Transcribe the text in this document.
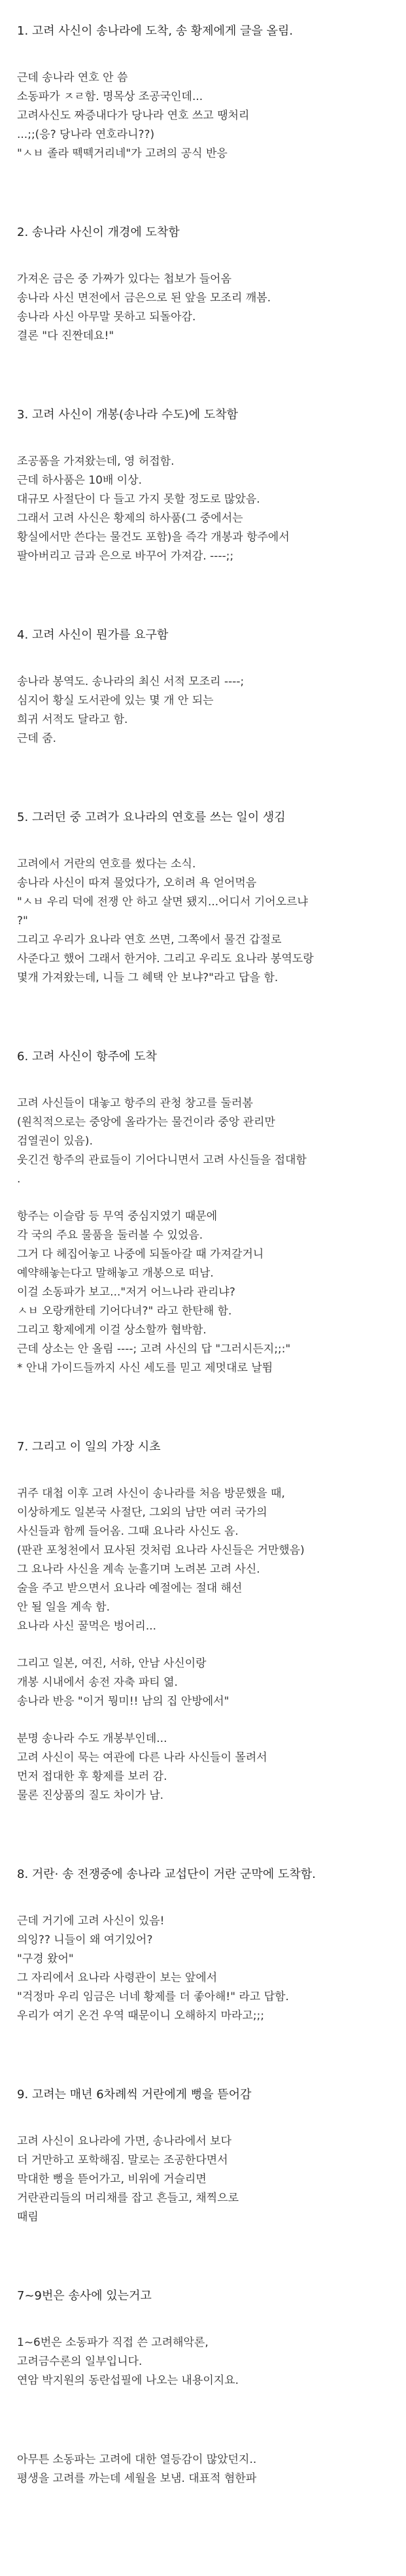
1. 고려 사신이 송나라에 도착, 송 황제에게 글을 올림.
근데 송나라 연호 안 씀
소동파가 ㅈㄹ함. 명목상 조공국인데...
고려사신도 짜증내다가 당나라 연호 쓰고 땡처리
...;;(응? 당나라 연호라니??)
"ㅅㅂ 졸라 떽떽거리네"가 고려의 공식 반응
2. 송나라 사신이 개경에 도착함
가져온 금은 중 가짜가 있다는 첩보가 들어옴
송나라 사신 면전에서 금은으로 된 앞을 모조리 깨봄.
송나라 사신 아무말 못하고 되돌아감.
결론 "다 진짠데요!"
3. 고려 사신이 개봉(송나라 수도)에 도착함
조공품을 가져왔는데, 영 허접함.
근데 하사품은 10배 이상.
대규모 사절단이 다 들고 가지 못할 정도로 많았음.
그래서 고려 사신은 황제의 하사품(그 중에서는
황실에서만 쓴다는 물건도 포함)을 즉각 개봉과 항주에서
팔아버리고 금과 은으로 바꾸어 가져감. ----;;
4. 고려 사신이 뭔가를 요구함
송나라 봉역도. 송나라의 최신 서적 모조리 ----;
심지어 황실 도서관에 있는 몇 개 안 되는
희귀 서적도 달라고 함.
근데 줌.
5. 그러던 중 고려가 요나라의 연호를 쓰는 일이 생김
고려에서 거란의 연호를 썼다는 소식.
송나라 사신이 따져 물었다가, 오히려 욕 얻어먹음
"ㅅㅂ 우리 덕에 전쟁 안 하고 살면 됐지...어디서 기어오르냐
?"
그리고 우리가 요나라 연호 쓰면, 그쪽에서 물건 갑절로
사준다고 했어 그래서 한거야. 그리고 우리도 요나라 봉역도랑
몇개 가져왔는데, 니들 그 혜택 안 보냐?"라고 답을 함.
6. 고려 사신이 항주에 도착
고려 사신들이 대놓고 항주의 관청 창고를 둘러봄
(원칙적으로는 중앙에 올라가는 물건이라 중앙 관리만
검열권이 있음).
웃긴건 항주의 관료들이 기어다니면서 고려 사신들을 접대함
.
항주는 이슬람 등 무역 중심지였기 때문에
각 국의 주요 물품을 둘러볼 수 있었음.
그거 다 헤집어놓고 나중에 되돌아갈 때 가져갈거니
예약해놓는다고 말해놓고 개봉으로 떠남.
이걸 소동파가 보고..."저거 어느나라 관리냐?
ㅅㅂ 오랑캐한테 기어다녀?" 라고 한탄해 함.
그리고 황제에게 이걸 상소할까 협박함.
근데 상소는 안 올림 ----; 고려 사신의 답 "그러시든지;;:"
* 안내 가이드들까지 사신 세도를 믿고 제멋대로 날뜀
7. 그리고 이 일의 가장 시초
귀주 대첩 이후 고려 사신이 송나라를 처음 방문했을 때,
이상하게도 일본국 사절단, 그외의 남만 여러 국가의
사신들과 함께 들어옴. 그때 요나라 사신도 옴.
(판관 포청천에서 묘사된 것처럼 요나라 사신들은 거만했음)
그 요나라 사신을 계속 눈흘기며 노려본 고려 사신.
술을 주고 받으면서 요나라 예절에는 절대 해선
안 될 일을 계속 함.
요나라 사신 꿀먹은 벙어리...
그리고 일본, 여진, 서하, 안남 사신이랑
개봉 시내에서 송전 자축 파티 엶.
송나라 반응 "이거 뭥미!! 남의 집 안방에서"
분명 송나라 수도 개봉부인데...
고려 사신이 묵는 여관에 다른 나라 사신들이 몰려서
먼저 접대한 후 황제를 보러 감.
물론 진상품의 질도 차이가 남.
8. 거란· 송 전쟁중에 송나라 교섭단이 거란 군막에 도착함.
근데 거기에 고려 사신이 있음!
의잉?? 니들이 왜 여기있어?
"구경 왔어"
그 자리에서 요나라 사령관이 보는 앞에서
"걱정마 우리 임금은 너네 황제를 더 좋아해!" 라고 답함.
우리가 여기 온건 우역 때문이니 오해하지 마라고;;;
9. 고려는 매년 6차례씩 거란에게 뻥을 뜯어감
고려 사신이 요나라에 가면, 송나라에서 보다
더 거만하고 포학해짐. 말로는 조공한다면서
막대한 뻥을 뜯어가고, 비위에 거슬리면
거란관리들의 머리채를 잡고 흔들고, 채찍으로
때림
7~9번은 송사에 있는거고
1~6번은 소동파가 직접 쓴 고려해악론,
고려금수론의 일부입니다.
연암 박지원의 동란섭필에 나오는 내용이지요.
아무튼 소동파는 고려에 대한 열등감이 많았던지..
평생을 고려를 까는데 세월을 보냄. 대표적 혐한파
